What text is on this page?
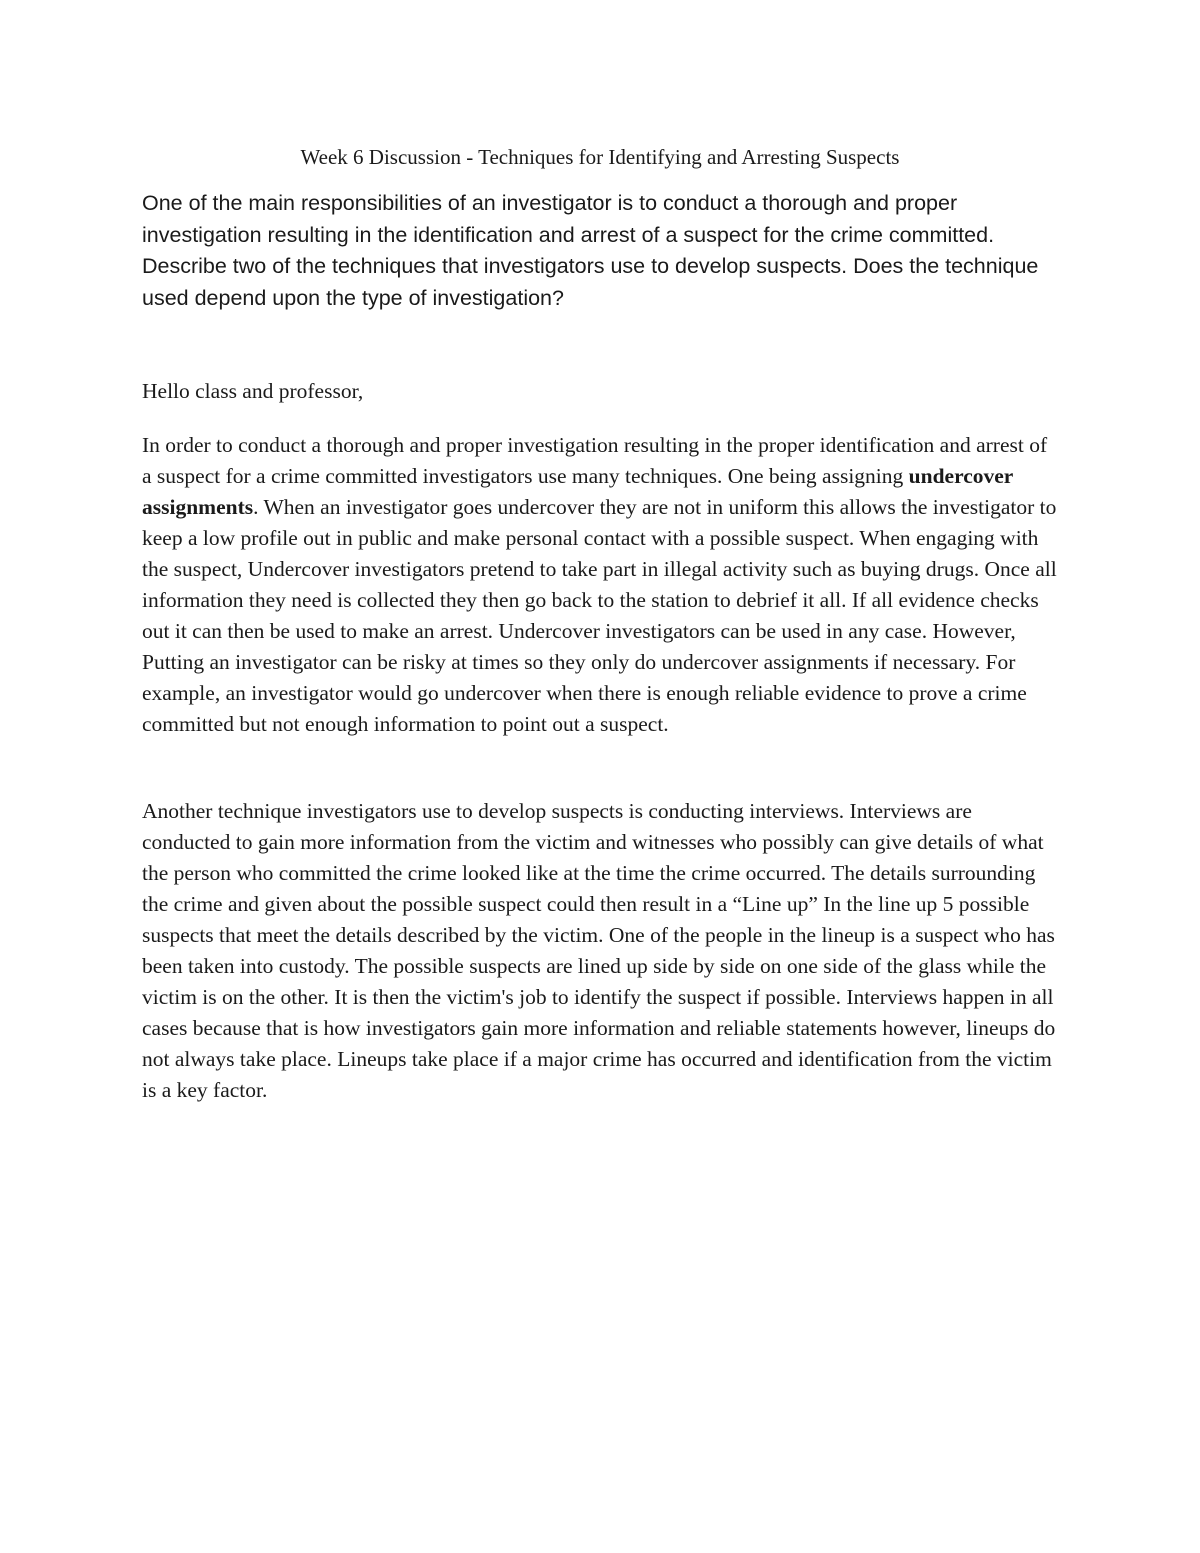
Week 6 Discussion - Techniques for Identifying and Arresting Suspects

One of the main responsibilities of an investigator is to conduct a thorough and proper investigation resulting in the identification and arrest of a suspect for the crime committed. Describe two of the techniques that investigators use to develop suspects. Does the technique used depend upon the type of investigation?

Hello class and professor,

In order to conduct a thorough and proper investigation resulting in the proper identification and arrest of a suspect for a crime committed investigators use many techniques. One being assigning undercover assignments. When an investigator goes undercover they are not in uniform this allows the investigator to keep a low profile out in public and make personal contact with a possible suspect. When engaging with the suspect, Undercover investigators pretend to take part in illegal activity such as buying drugs. Once all information they need is collected they then go back to the station to debrief it all. If all evidence checks out it can then be used to make an arrest. Undercover investigators can be used in any case. However, Putting an investigator can be risky at times so they only do undercover assignments if necessary. For example, an investigator would go undercover when there is enough reliable evidence to prove a crime committed but not enough information to point out a suspect.

Another technique investigators use to develop suspects is conducting interviews. Interviews are conducted to gain more information from the victim and witnesses who possibly can give details of what the person who committed the crime looked like at the time the crime occurred. The details surrounding the crime and given about the possible suspect could then result in a “Line up” In the line up 5 possible suspects that meet the details described by the victim. One of the people in the lineup is a suspect who has been taken into custody. The possible suspects are lined up side by side on one side of the glass while the victim is on the other. It is then the victim's job to identify the suspect if possible. Interviews happen in all cases because that is how investigators gain more information and reliable statements however, lineups do not always take place. Lineups take place if a major crime has occurred and identification from the victim is a key factor.
